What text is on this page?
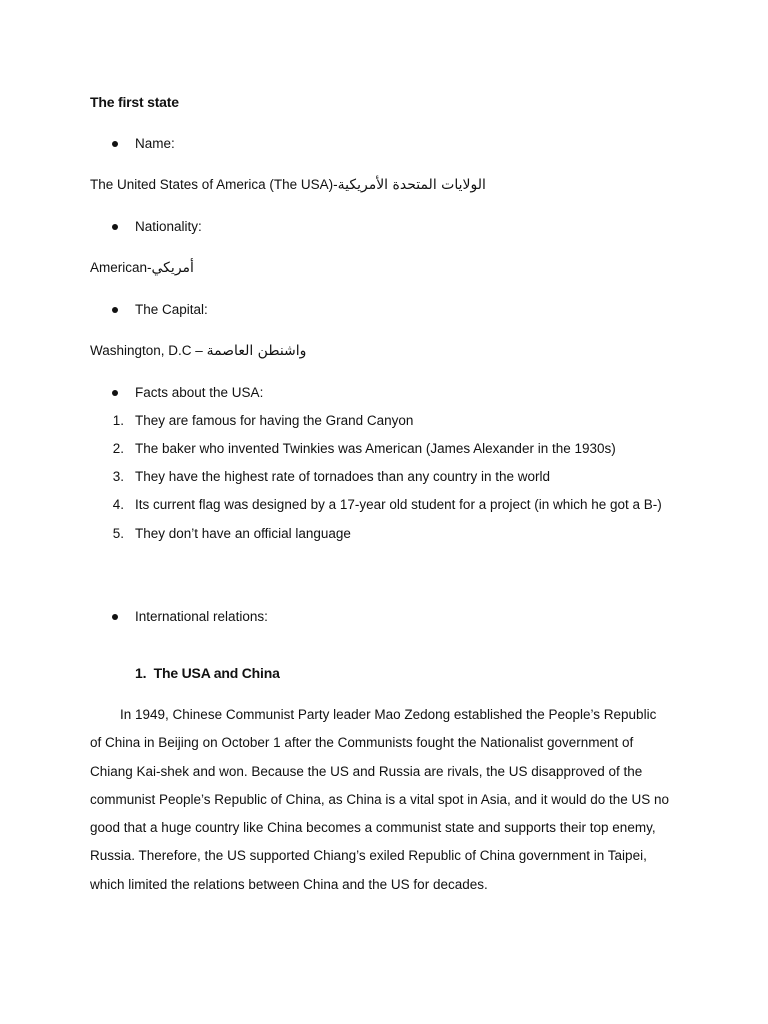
The first state
Name:
The United States of America (The USA)-الولايات المتحدة الأمريكية
Nationality:
American-أمريكي
The Capital:
Washington, D.C – واشنطن العاصمة
Facts about the USA:
1. They are famous for having the Grand Canyon
2. The baker who invented Twinkies was American (James Alexander in the 1930s)
3. They have the highest rate of tornadoes than any country in the world
4. Its current flag was designed by a 17-year old student for a project (in which he got a B-)
5. They don’t have an official language
International relations:
1. The USA and China
In 1949, Chinese Communist Party leader Mao Zedong established the People’s Republic
of China in Beijing on October 1 after the Communists fought the Nationalist government of
Chiang Kai-shek and won. Because the US and Russia are rivals, the US disapproved of the
communist People’s Republic of China, as China is a vital spot in Asia, and it would do the US no
good that a huge country like China becomes a communist state and supports their top enemy,
Russia. Therefore, the US supported Chiang’s exiled Republic of China government in Taipei,
which limited the relations between China and the US for decades.
